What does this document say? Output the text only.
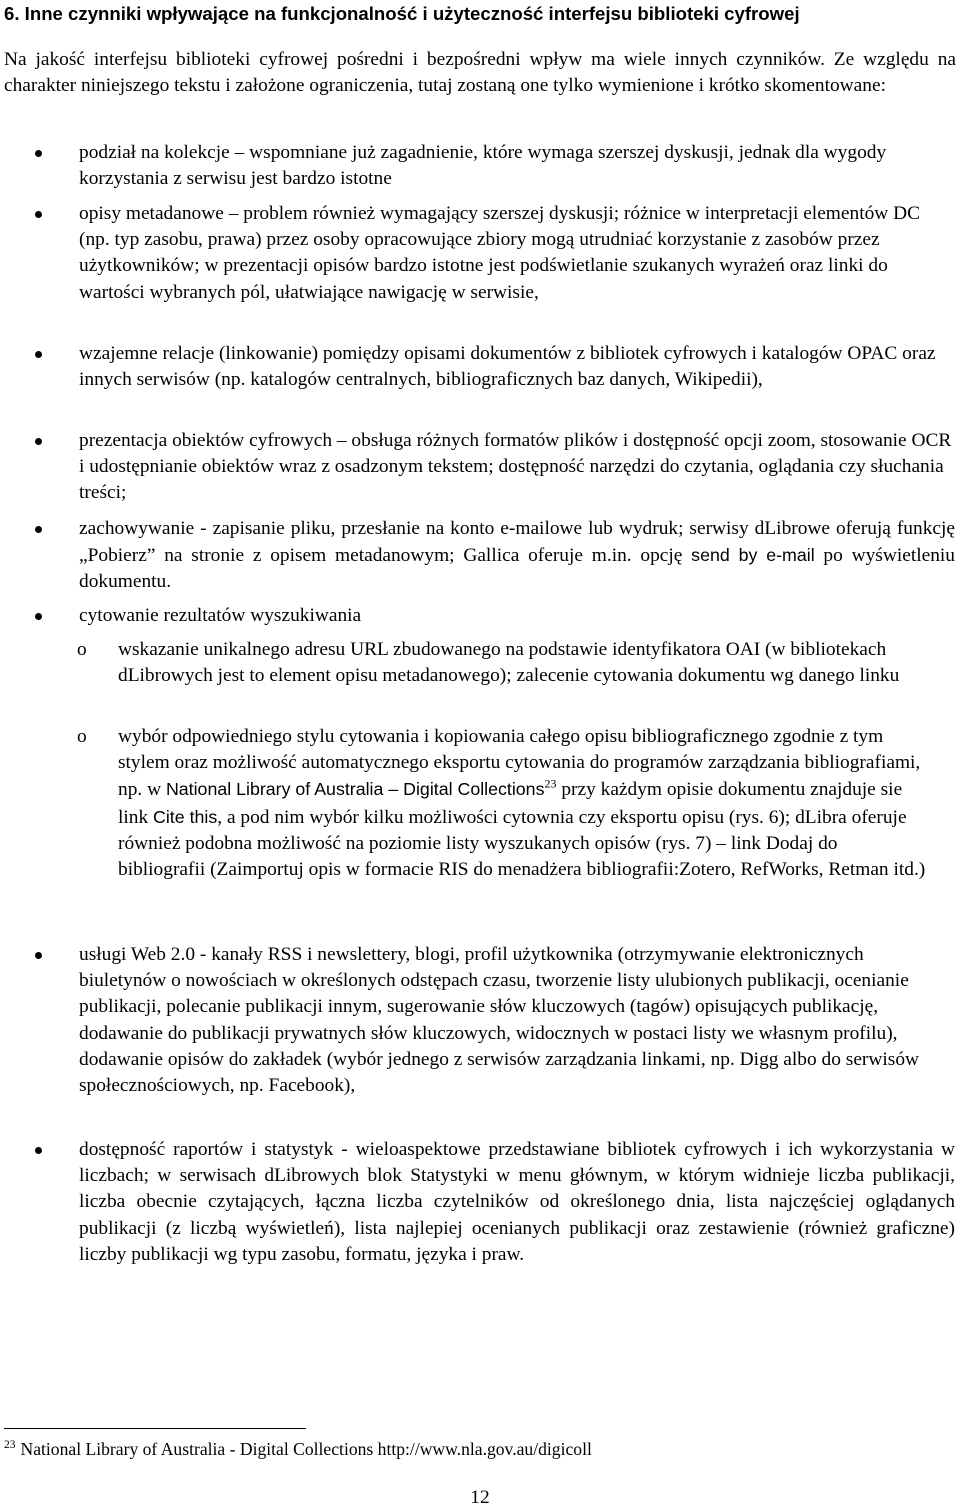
6. Inne czynniki wpływające na funkcjonalność i użyteczność interfejsu biblioteki cyfrowej
Na jakość interfejsu biblioteki cyfrowej pośredni i bezpośredni wpływ ma wiele innych czynników. Ze względu na charakter niniejszego tekstu i założone ograniczenia, tutaj zostaną one tylko wymienione i krótko skomentowane:
podział na kolekcje – wspomniane już zagadnienie, które wymaga szerszej dyskusji, jednak dla wygody korzystania z serwisu jest bardzo istotne
opisy metadanowe – problem również wymagający szerszej dyskusji; różnice w interpretacji elementów DC (np. typ zasobu, prawa) przez osoby opracowujące zbiory mogą utrudniać korzystanie z zasobów przez użytkowników; w prezentacji opisów bardzo istotne jest podświetlanie szukanych wyrażeń oraz linki do wartości wybranych pól, ułatwiające nawigację w serwisie,
wzajemne relacje (linkowanie) pomiędzy opisami dokumentów z bibliotek cyfrowych i katalogów OPAC oraz innych serwisów (np. katalogów centralnych, bibliograficznych baz danych, Wikipedii),
prezentacja obiektów cyfrowych – obsługa różnych formatów plików i dostępność opcji zoom, stosowanie OCR i udostępnianie obiektów wraz z osadzonym tekstem; dostępność narzędzi do czytania, oglądania czy słuchania treści;
zachowywanie - zapisanie pliku, przesłanie na konto e-mailowe lub wydruk; serwisy dLibrowe oferują funkcję „Pobierz” na stronie z opisem metadanowym; Gallica oferuje m.in. opcję send by e-mail po wyświetleniu dokumentu.
cytowanie rezultatów wyszukiwania
usługi Web 2.0 - kanały RSS i newslettery, blogi, profil użytkownika (otrzymywanie elektronicznych biuletynów o nowościach w określonych odstępach czasu, tworzenie listy ulubionych publikacji, ocenianie publikacji, polecanie publikacji innym, sugerowanie słów kluczowych (tagów) opisujących publikację, dodawanie do publikacji prywatnych słów kluczowych, widocznych w postaci listy we własnym profilu), dodawanie opisów do zakładek (wybór jednego z serwisów zarządzania linkami, np. Digg albo do serwisów społecznościowych, np. Facebook),
dostępność raportów i statystyk - wieloaspektowe przedstawiane bibliotek cyfrowych i ich wykorzystania w liczbach; w serwisach dLibrowych blok Statystyki w menu głównym, w którym widnieje liczba publikacji, liczba obecnie czytających, łączna liczba czytelników od określonego dnia, lista najczęściej oglądanych publikacji (z liczbą wyświetleń), lista najlepiej ocenianych publikacji oraz zestawienie (również graficzne) liczby publikacji wg typu zasobu, formatu, języka i praw.
o wskazanie unikalnego adresu URL zbudowanego na podstawie identyfikatora OAI (w bibliotekach dLibrowych jest to element opisu metadanowego); zalecenie cytowania dokumentu wg danego linku
o wybór odpowiedniego stylu cytowania i kopiowania całego opisu bibliograficznego zgodnie z tym stylem oraz możliwość automatycznego eksportu cytowania do programów zarządzania bibliografiami, np. w National Library of Australia – Digital Collections$^{23}$ przy każdym opisie dokumentu znajduje sie link Cite this, a pod nim wybór kilku możliwości cytownia czy eksportu opisu (rys. 6); dLibra oferuje również podobna możliwość na poziomie listy wyszukanych opisów (rys. 7) – link Dodaj do bibliografii (Zaimportuj opis w formacie RIS do menadżera bibliografii:Zotero, RefWorks, Retman itd.)
$^{23}$ National Library of Australia - Digital Collections http://www.nla.gov.au/digicoll
12
